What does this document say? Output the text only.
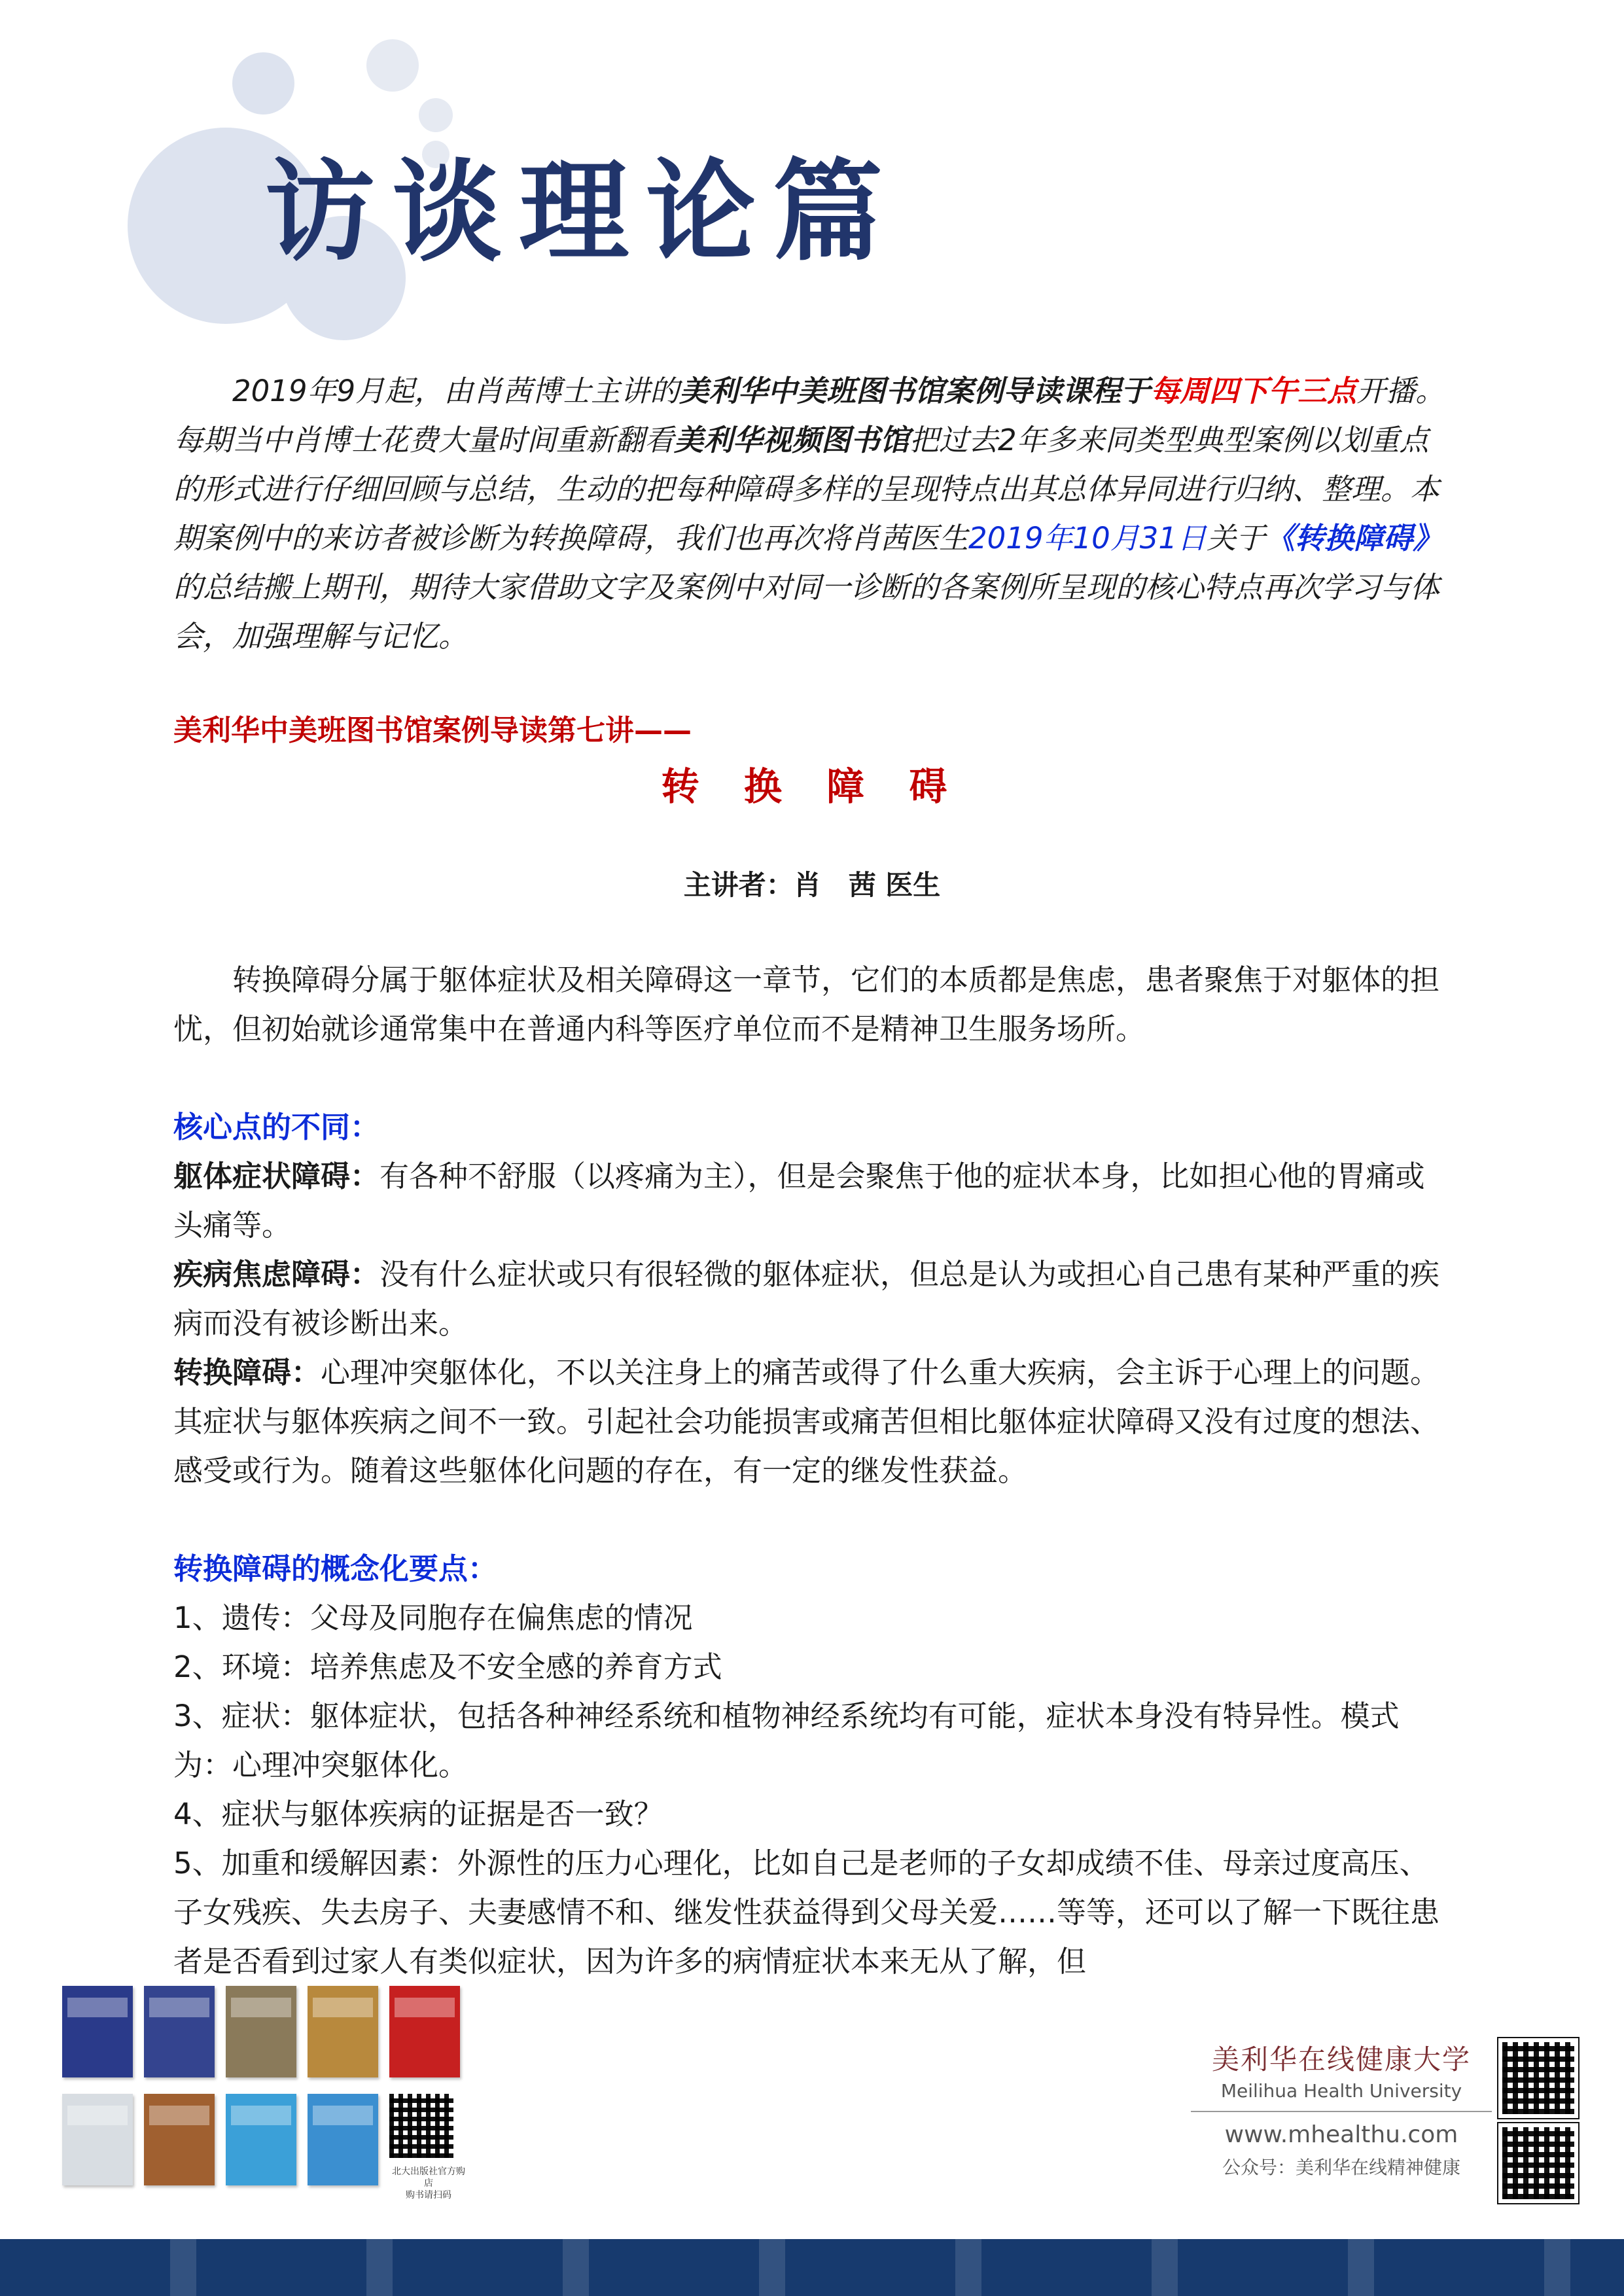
访谈理论篇

2019年9月起，由肖茜博士主讲的美利华中美班图书馆案例导读课程于每周四下午三点开播。每期当中肖博士花费大量时间重新翻看美利华视频图书馆把过去2年多来同类型典型案例以划重点的形式进行仔细回顾与总结，生动的把每种障碍多样的呈现特点出其总体异同进行归纳、整理。本期案例中的来访者被诊断为转换障碍，我们也再次将肖茜医生2019年10月31日关于《转换障碍》的总结搬上期刊，期待大家借助文字及案例中对同一诊断的各案例所呈现的核心特点再次学习与体会，加强理解与记忆。

美利华中美班图书馆案例导读第七讲——
转 换 障 碍
主讲者：肖　茜 医生

转换障碍分属于躯体症状及相关障碍这一章节，它们的本质都是焦虑，患者聚焦于对躯体的担忧，但初始就诊通常集中在普通内科等医疗单位而不是精神卫生服务场所。

核心点的不同：

躯体症状障碍：有各种不舒服（以疼痛为主），但是会聚焦于他的症状本身，比如担心他的胃痛或头痛等。

疾病焦虑障碍：没有什么症状或只有很轻微的躯体症状，但总是认为或担心自己患有某种严重的疾病而没有被诊断出来。

转换障碍：心理冲突躯体化，不以关注身上的痛苦或得了什么重大疾病，会主诉于心理上的问题。其症状与躯体疾病之间不一致。引起社会功能损害或痛苦但相比躯体症状障碍又没有过度的想法、感受或行为。随着这些躯体化问题的存在，有一定的继发性获益。

转换障碍的概念化要点：

1、遗传：父母及同胞存在偏焦虑的情况

2、环境：培养焦虑及不安全感的养育方式

3、症状：躯体症状，包括各种神经系统和植物神经系统均有可能，症状本身没有特异性。模式为：心理冲突躯体化。

4、症状与躯体疾病的证据是否一致？

5、加重和缓解因素：外源性的压力心理化，比如自己是老师的子女却成绩不佳、母亲过度高压、子女残疾、失去房子、夫妻感情不和、继发性获益得到父母关爱……等等，还可以了解一下既往患者是否看到过家人有类似症状，因为许多的病情症状本来无从了解，但

北大出版社官方购店
购书请扫码
美利华在线健康大学
Meilihua Health University
www.mhealthu.com
公众号：美利华在线精神健康
